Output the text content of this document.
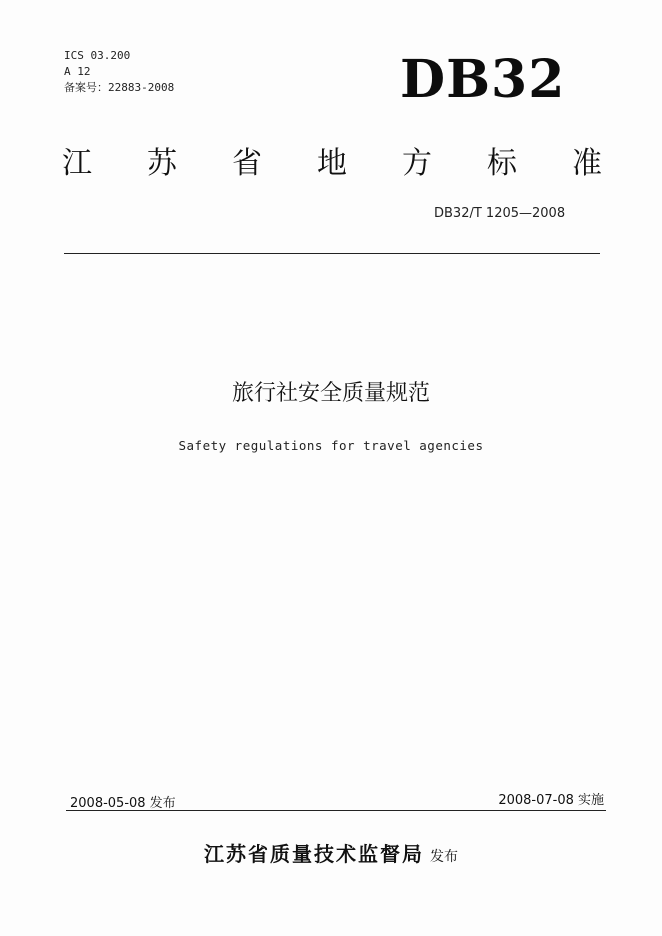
ICS 03.200
A 12
备案号：22883-2008	DB32
江 苏 省 地 方 标 准
DB32/T 1205—2008
旅行社安全质量规范
Safety regulations for travel agencies
2008-05-08 发布	2008-07-08 实施
江苏省质量技术监督局 发布
